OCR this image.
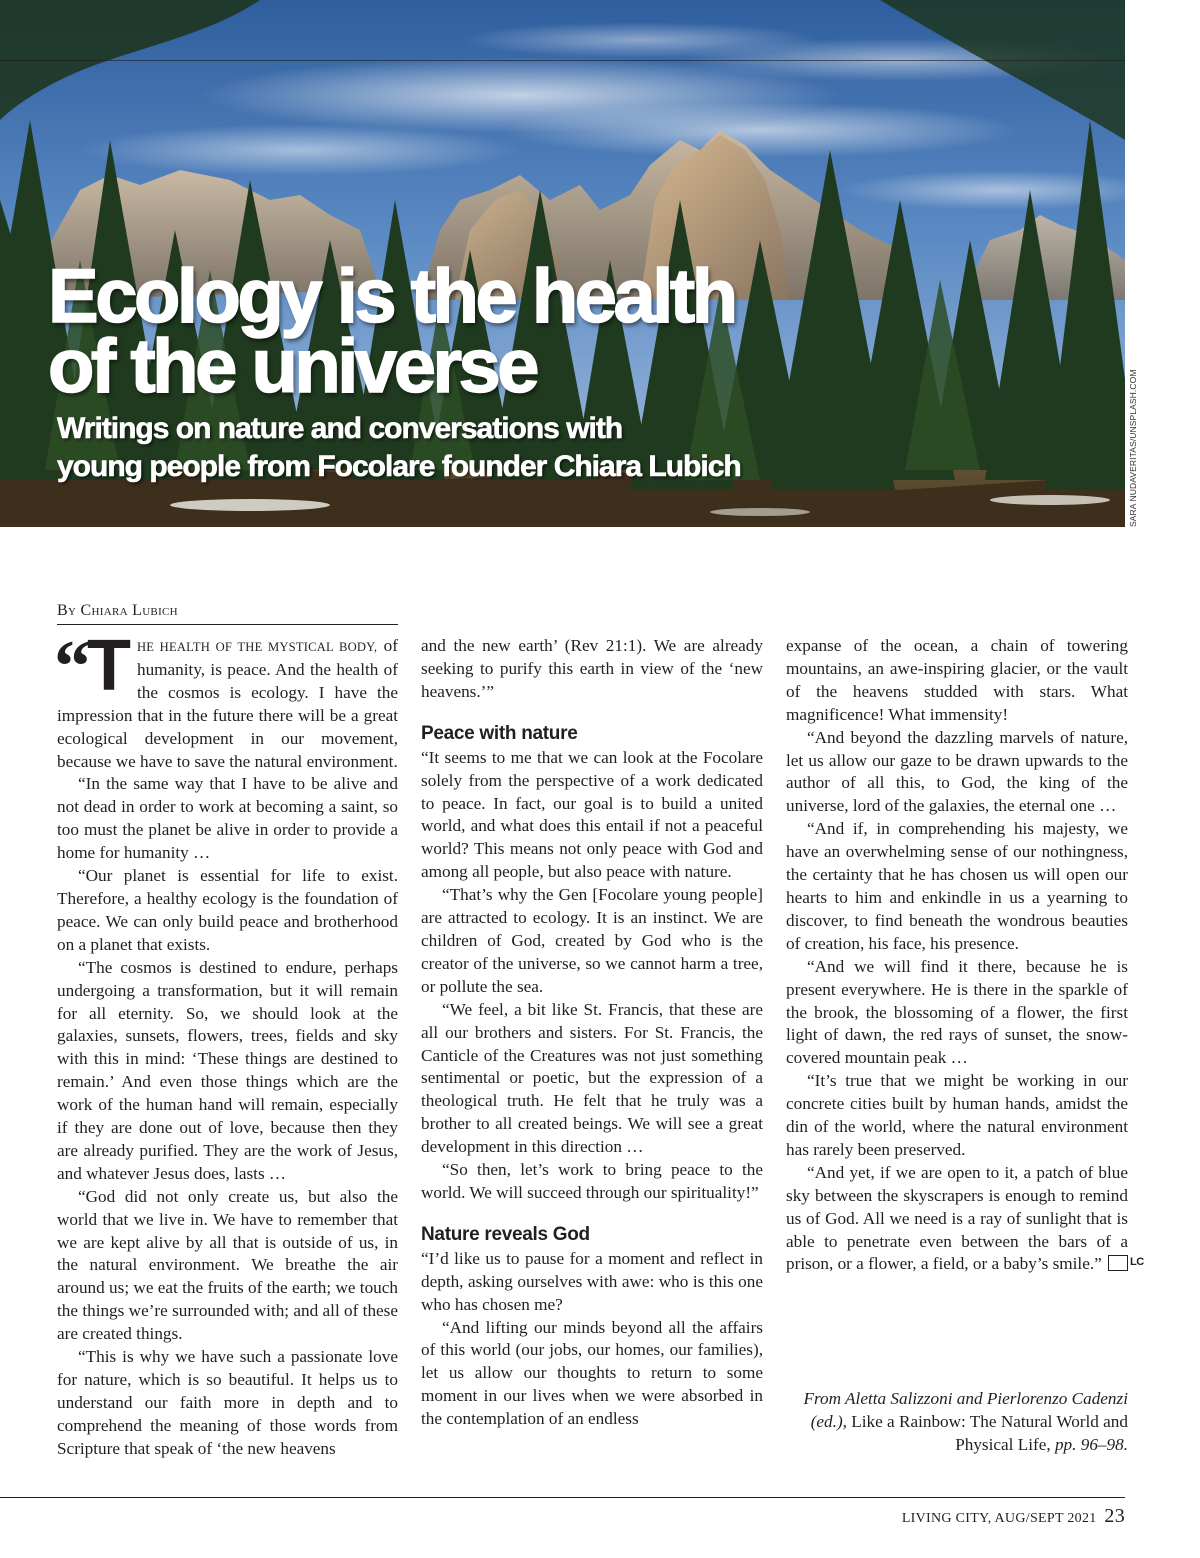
Ecology is the health
of the universe
Writings on nature and conversations with
young people from Focolare founder Chiara Lubich	SARA NUDAVERITAS/UNSPLASH.COM
By Chiara Lubich

“
T HE HEALTH OF THE MYSTICAL BODY, of humanity, is peace. And the health of the cosmos is ecology. I have the impression that in the future there will be a great ecological development in our movement, because we have to save the natural environment.

“In the same way that I have to be alive and not dead in order to work at becoming a saint, so too must the planet be alive in order to provide a home for humanity …

“Our planet is essential for life to exist. Therefore, a healthy ecology is the foundation of peace. We can only build peace and brotherhood on a planet that exists.

“The cosmos is destined to endure, perhaps undergoing a transformation, but it will remain for all eternity. So, we should look at the galaxies, sunsets, flowers, trees, fields and sky with this in mind: ‘These things are destined to remain.’ And even those things which are the work of the human hand will remain, especially if they are done out of love, because then they are already purified. They are the work of Jesus, and whatever Jesus does, lasts …

“God did not only create us, but also the world that we live in. We have to remember that we are kept alive by all that is outside of us, in the natural environment. We breathe the air around us; we eat the fruits of the earth; we touch the things we’re surrounded with; and all of these are created things.

“This is why we have such a passionate love for nature, which is so beautiful. It helps us to understand our faith more in depth and to comprehend the meaning of those words from Scripture that speak of ‘the new heavens

and the new earth’ (Rev 21:1). We are already seeking to purify this earth in view of the ‘new heavens.’”

Peace with nature

“It seems to me that we can look at the Focolare solely from the perspective of a work dedicated to peace. In fact, our goal is to build a united world, and what does this entail if not a peaceful world? This means not only peace with God and among all people, but also peace with nature.

“That’s why the Gen [Focolare young people] are attracted to ecology. It is an instinct. We are children of God, created by God who is the creator of the universe, so we cannot harm a tree, or pollute the sea.

“We feel, a bit like St. Francis, that these are all our brothers and sisters. For St. Francis, the Canticle of the Creatures was not just something sentimental or poetic, but the expression of a theological truth. He felt that he truly was a brother to all created beings. We will see a great development in this direction …

“So then, let’s work to bring peace to the world. We will succeed through our spirituality!”

Nature reveals God

“I’d like us to pause for a moment and reflect in depth, asking ourselves with awe: who is this one who has chosen me?

“And lifting our minds beyond all the affairs of this world (our jobs, our homes, our families), let us allow our thoughts to return to some moment in our lives when we were absorbed in the contemplation of an endless

expanse of the ocean, a chain of towering mountains, an awe-inspiring glacier, or the vault of the heavens studded with stars. What magnificence! What immensity!

“And beyond the dazzling marvels of nature, let us allow our gaze to be drawn upwards to the author of all this, to God, the king of the universe, lord of the galaxies, the eternal one …

“And if, in comprehending his majesty, we have an overwhelming sense of our nothingness, the certainty that he has chosen us will open our hearts to him and enkindle in us a yearning to discover, to find beneath the wondrous beauties of creation, his face, his presence.

“And we will find it there, because he is present everywhere. He is there in the sparkle of the brook, the blossoming of a flower, the first light of dawn, the red rays of sunset, the snow-covered mountain peak …

“It’s true that we might be working in our concrete cities built by human hands, amidst the din of the world, where the natural environment has rarely been preserved.

“And yet, if we are open to it, a patch of blue sky between the skyscrapers is enough to remind us of God. All we need is a ray of sunlight that is able to penetrate even between the bars of a prison, or a flower, a field, or a baby’s smile.”	LC

From Aletta Salizzoni and Pierlorenzo Cadenzi (ed.), Like a Rainbow: The Natural World and Physical Life, pp. 96–98.
LIVING CITY, AUG/SEPT 2021 23
